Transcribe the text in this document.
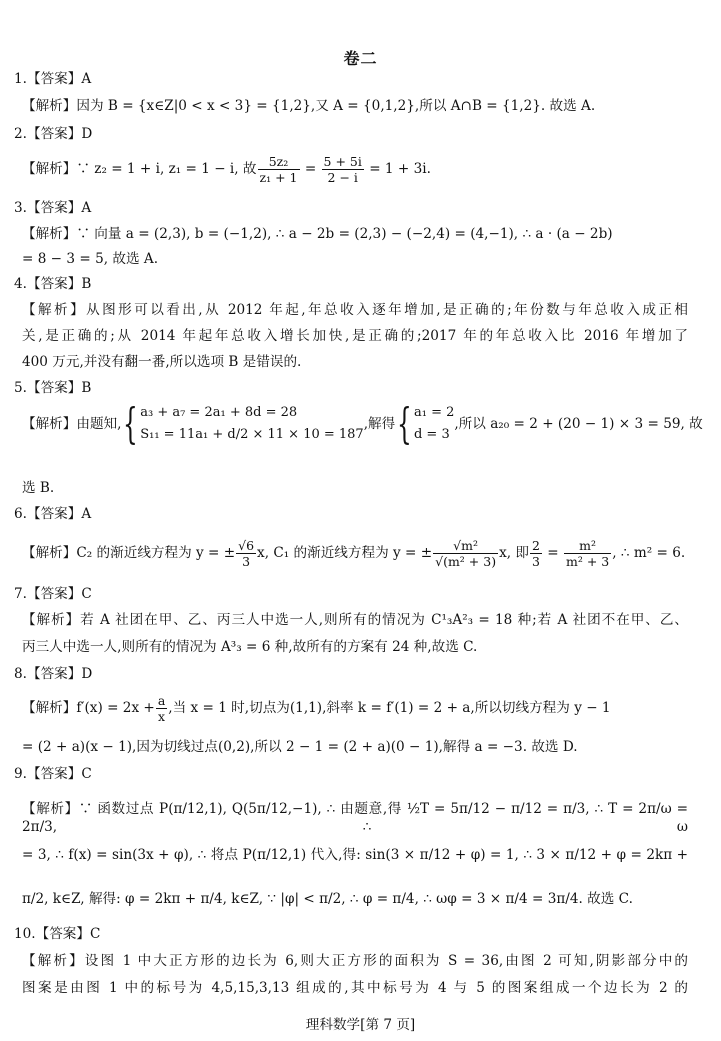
卷二
1.【答案】A
【解析】因为 B = {x∈Z|0 < x < 3} = {1,2},又 A = {0,1,2},所以 A∩B = {1,2}. 故选 A.
2.【答案】D
【解析】∵ z₂ = 1 + i, z₁ = 1 − i, 故 $\frac{\text{5z₂}}{\text{z₁ + 1}} = \frac{5 + 5i}{2 - i} = 1 + 3i$.
3.【答案】A
【解析】∵ 向量 a = (2,3), b = (−1,2), ∴ a − 2b = (2,3) − (−2,4) = (4,−1), ∴ a · (a − 2b)
= 8 − 3 = 5, 故选 A.
4.【答案】B
【解析】从图形可以看出,从 2012 年起,年总收入逐年增加,是正确的;年份数与年总收入成正相
关,是正确的;从 2014 年起年总收入增长加快,是正确的;2017 年的年总收入比 2016 年增加了
400 万元,并没有翻一番,所以选项 B 是错误的.
5.【答案】B
【解析】由题知,{ a₃ + a₇ = 2a₁ + 8d = 28
S₁₁ = 11a₁ + d/2 × 11 × 10 = 187
,解得{ a₁ = 2
d = 3
,所以 a₂₀ = 2 + (20 − 1) × 3 = 59, 故
选 B.
6.【答案】A
【解析】C₂ 的渐近线方程为 y = ± $\frac{√6}{3} x$, C₁ 的渐近线方程为 y = ± $\frac{\text{√m²}}{\text{√(m² + 3)}} x$, 即 $\frac{2}{3} = \frac{\text{m²}}{\text{m² + 3}}$ , ∴ m² = 6.
7.【答案】C
【解析】若 A 社团在甲、乙、丙三人中选一人,则所有的情况为 C¹₃A²₃ = 18 种;若 A 社团不在甲、乙、
丙三人中选一人,则所有的情况为 A³₃ = 6 种,故所有的方案有 24 种,故选 C.
8.【答案】D
【解析】$f'(x) = 2x + \frac{a}{x}$ ,当 x = 1 时,切点为(1,1),斜率 k = f′(1) = 2 + a,所以切线方程为 y − 1
= (2 + a)(x − 1),因为切线过点(0,2),所以 2 − 1 = (2 + a)(0 − 1),解得 a = −3. 故选 D.
9.【答案】C
【解析】∵ 函数过点 P(π/12,1), Q(5π/12,−1), ∴ 由题意,得 ½T = 5π/12 − π/12 = π/3, ∴ T = 2π/ω = 2π/3, ∴ ω
= 3, ∴ f(x) = sin(3x + φ), ∴ 将点 P(π/12,1) 代入,得: sin(3 × π/12 + φ) = 1, ∴ 3 × π/12 + φ = 2kπ +
π/2, k∈Z, 解得: φ = 2kπ + π/4, k∈Z, ∵ |φ| < π/2, ∴ φ = π/4, ∴ ωφ = 3 × π/4 = 3π/4. 故选 C.
10.【答案】C
【解析】设图 1 中大正方形的边长为 6,则大正方形的面积为 S = 36,由图 2 可知,阴影部分中的
图案是由图 1 中的标号为 4,5,15,3,13 组成的,其中标号为 4 与 5 的图案组成一个边长为 2 的
理科数学[第 7 页]
